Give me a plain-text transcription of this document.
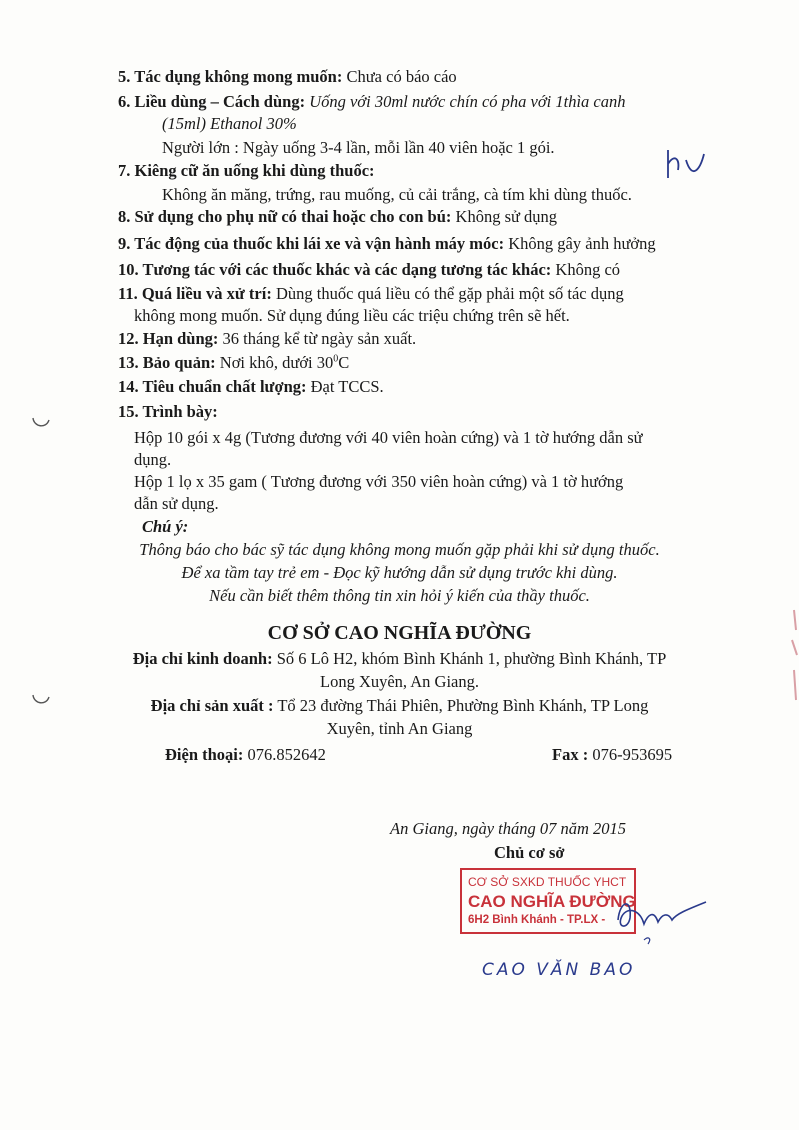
5. Tác dụng không mong muốn: Chưa có báo cáo
6. Liều dùng – Cách dùng: Uống với 30ml nước chín có pha với 1thìa canh
(15ml) Ethanol 30%
Người lớn : Ngày uống 3-4 lần, mỗi lần 40 viên hoặc 1 gói.
7. Kiêng cữ ăn uống khi dùng thuốc:
Không ăn măng, trứng, rau muống, củ cải trắng, cà tím khi dùng thuốc.
8. Sử dụng cho phụ nữ có thai hoặc cho con bú: Không sử dụng
9. Tác động của thuốc khi lái xe và vận hành máy móc: Không gây ảnh hưởng
10. Tương tác với các thuốc khác và các dạng tương tác khác: Không có
11. Quá liều và xử trí: Dùng thuốc quá liều có thể gặp phải một số tác dụng
không mong muốn. Sử dụng đúng liều các triệu chứng trên sẽ hết.
12. Hạn dùng: 36 tháng kể từ ngày sản xuất.
13. Bảo quản: Nơi khô, dưới $30^0C$
14. Tiêu chuẩn chất lượng: Đạt TCCS.
15. Trình bày:
Hộp 10 gói x 4g (Tương đương với 40 viên hoàn cứng) và 1 tờ hướng dẫn sử
dụng.
Hộp 1 lọ x 35 gam ( Tương đương với 350 viên hoàn cứng) và 1 tờ hướng
dẫn sử dụng.
Chú ý:
Thông báo cho bác sỹ tác dụng không mong muốn gặp phải khi sử dụng thuốc.
Để xa tầm tay trẻ em - Đọc kỹ hướng dẫn sử dụng trước khi dùng.
Nếu cần biết thêm thông tin xin hỏi ý kiến của thầy thuốc.
CƠ SỞ CAO NGHĨA ĐƯỜNG
Địa chỉ kinh doanh: Số 6 Lô H2, khóm Bình Khánh 1, phường Bình Khánh, TP
Long Xuyên, An Giang.
Địa chỉ sản xuất : Tổ 23 đường Thái Phiên, Phường Bình Khánh, TP Long
Xuyên, tỉnh An Giang
Điện thoại: 076.852642	Fax : 076-953695
An Giang, ngày tháng 07 năm 2015
Chủ cơ sở
CƠ SỞ SXKD THUỐC YHCT
CAO NGHĨA ĐƯỜNG
6H2 Bình Khánh - TP.LX -
CAO VĂN BAO
